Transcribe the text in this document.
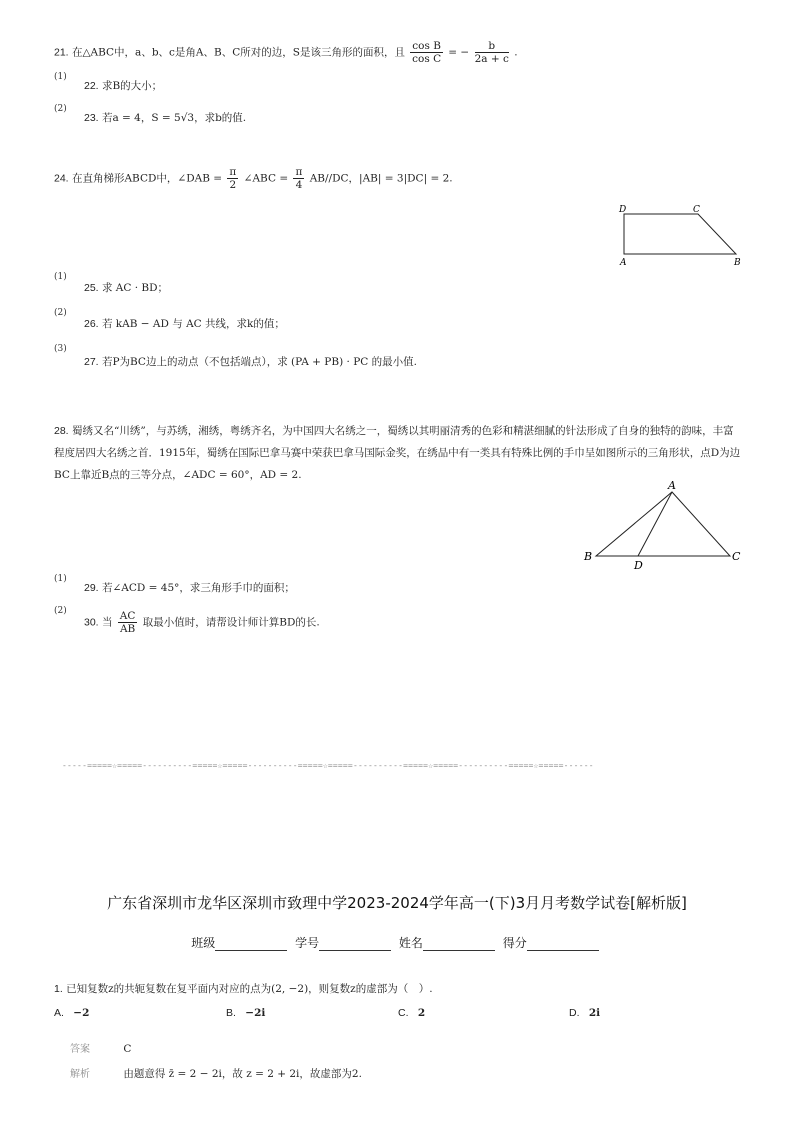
21. 在△ABC中，a、b、c是角A、B、C所对的边，S是该三角形的面积，且 $\frac{\text{cos B}}{\text{cos C}}$ = − $\frac{b}{2a + c}$ .
(1)
22. 求B的大小；
(2)
23. 若a = 4，S = 5√3，求b的值.
24. 在直角梯形ABCD中，∠DAB = $\frac{\pi}{2}$ ∠ABC = $\frac{\pi}{4} AB//DC$，|AB| = 3|DC| = 2.
D	C
A	B
(1)
25. 求 AC · BD；
(2)
26. 若 kAB − AD 与 AC 共线，求k的值；
(3)
27. 若P为BC边上的动点（不包括端点），求 (PA + PB) · PC 的最小值.
28. 蜀绣又名“川绣”，与苏绣，湘绣，粤绣齐名，为中国四大名绣之一，蜀绣以其明丽清秀的色彩和精湛细腻的针法形成了自身的独特的韵味，丰富程度居四大名绣之首．1915年，蜀绣在国际巴拿马赛中荣获巴拿马国际金奖，在绣品中有一类具有特殊比例的手巾呈如图所示的三角形状，点D为边BC上靠近B点的三等分点，∠ADC = 60°，AD = 2.
A
B	C
D
(1)
29. 若∠ACD = 45°，求三角形手巾的面积；
(2)
30. 当 $\frac{AC}{AB}$ 取最小值时，请帮设计师计算BD的长.
-----=====☆=====----------=====☆=====----------=====☆=====----------=====☆=====----------=====☆=====------
广东省深圳市龙华区深圳市致理中学2023-2024学年高一(下)3月月考数学试卷[解析版]
班级	学号	姓名	得分
1. 已知复数z的共轭复数在复平面内对应的点为(2, −2)，则复数z的虚部为（　）.
A. −2	B. −2i	C. 2	D. 2i
答案	C
解析	由题意得 z̄ = 2 − 2i，故 z = 2 + 2i，故虚部为2.
